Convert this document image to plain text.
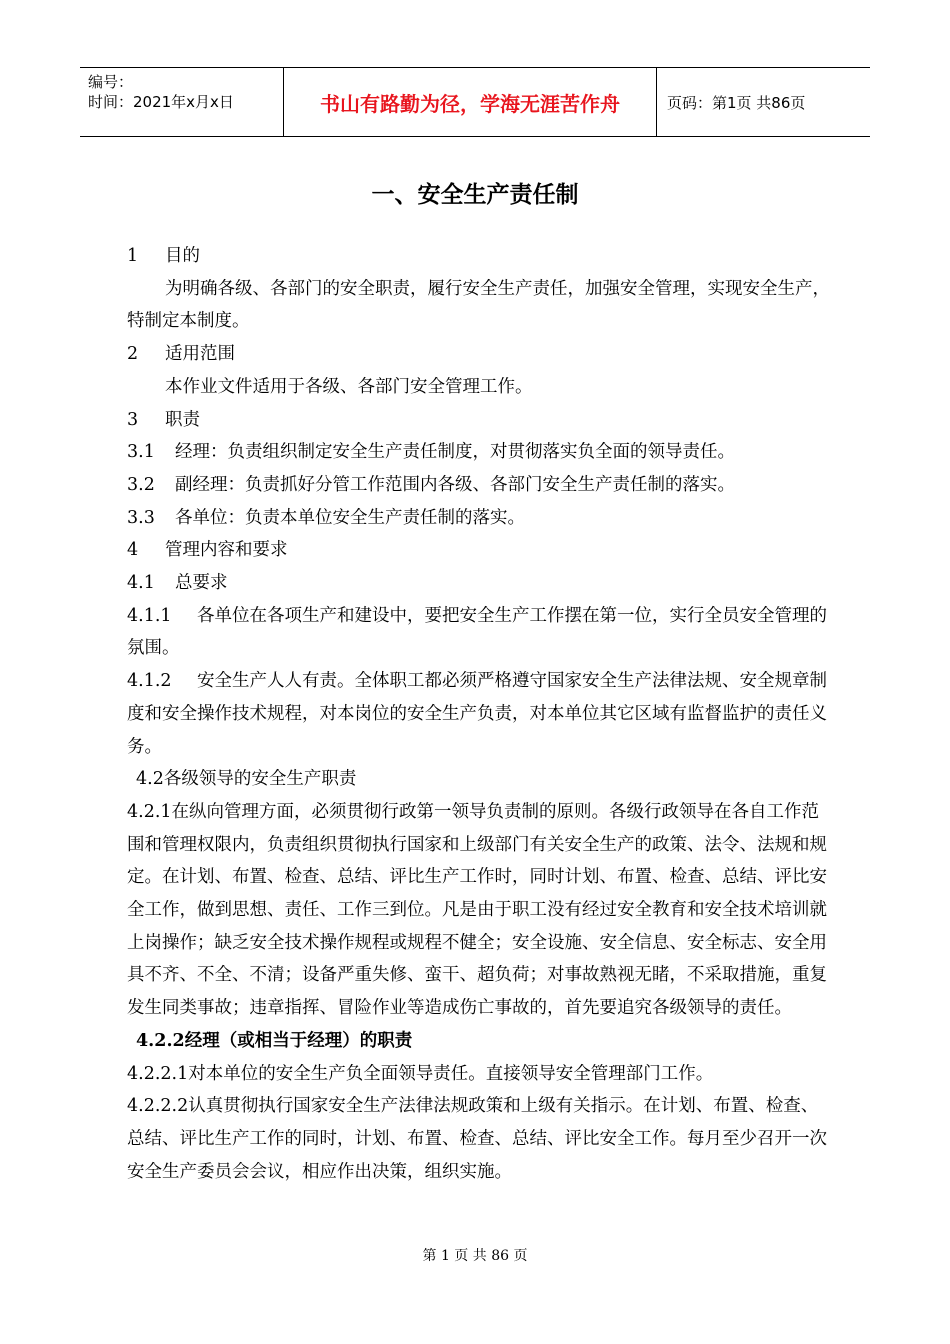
编号：
时间：2021年x月x日	书山有路勤为径，学海无涯苦作舟	页码：第1页 共86页
一、安全生产责任制

1 目的

为明确各级、各部门的安全职责，履行安全生产责任，加强安全管理，实现安全生产，特制定本制度。

2 适用范围

本作业文件适用于各级、各部门安全管理工作。

3 职责

3.1 经理：负责组织制定安全生产责任制度，对贯彻落实负全面的领导责任。

3.2 副经理：负责抓好分管工作范围内各级、各部门安全生产责任制的落实。

3.3 各单位：负责本单位安全生产责任制的落实。

4 管理内容和要求

4.1 总要求

4.1.1 各单位在各项生产和建设中，要把安全生产工作摆在第一位，实行全员安全管理的氛围。

4.1.2 安全生产人人有责。全体职工都必须严格遵守国家安全生产法律法规、安全规章制度和安全操作技术规程，对本岗位的安全生产负责，对本单位其它区域有监督监护的责任义务。

4.2各级领导的安全生产职责

4.2.1在纵向管理方面，必须贯彻行政第一领导负责制的原则。各级行政领导在各自工作范围和管理权限内，负责组织贯彻执行国家和上级部门有关安全生产的政策、法令、法规和规定。在计划、布置、检查、总结、评比生产工作时，同时计划、布置、检查、总结、评比安全工作，做到思想、责任、工作三到位。凡是由于职工没有经过安全教育和安全技术培训就上岗操作；缺乏安全技术操作规程或规程不健全；安全设施、安全信息、安全标志、安全用具不齐、不全、不清；设备严重失修、蛮干、超负荷；对事故熟视无睹，不采取措施，重复发生同类事故；违章指挥、冒险作业等造成伤亡事故的，首先要追究各级领导的责任。

4.2.2经理（或相当于经理）的职责

4.2.2.1对本单位的安全生产负全面领导责任。直接领导安全管理部门工作。

4.2.2.2认真贯彻执行国家安全生产法律法规政策和上级有关指示。在计划、布置、检查、总结、评比生产工作的同时，计划、布置、检查、总结、评比安全工作。每月至少召开一次安全生产委员会会议，相应作出决策，组织实施。

第 1 页 共 86 页
